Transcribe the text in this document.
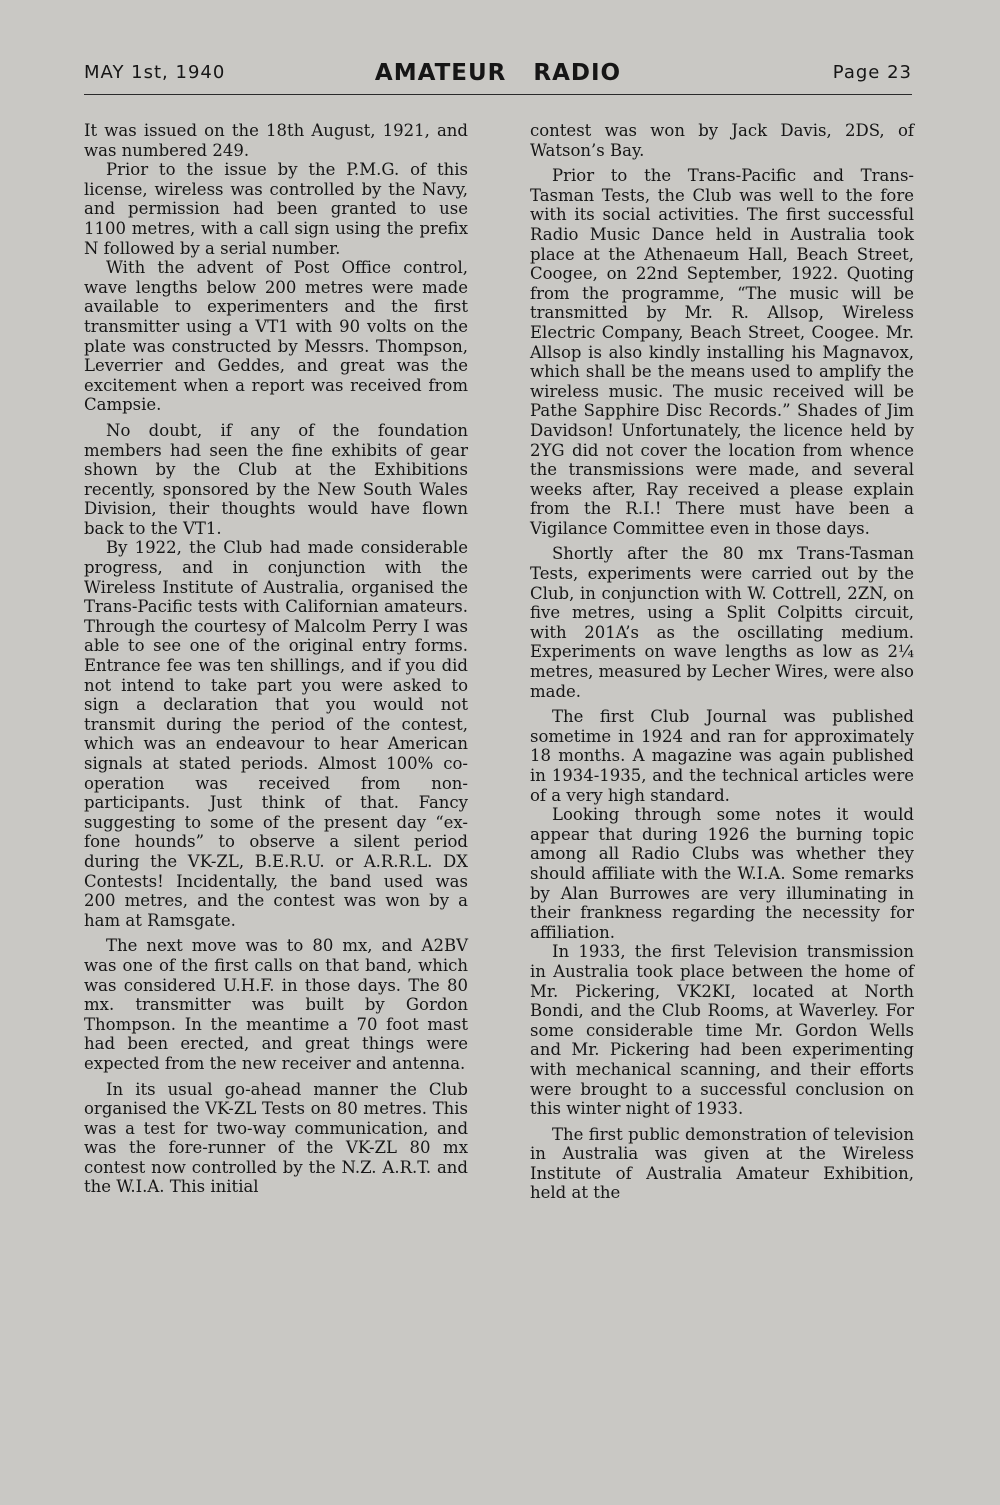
MAY 1st, 1940	AMATEUR RADIO	Page 23

It was issued on the 18th August, 1921, and was numbered 249.

Prior to the issue by the P.M.G. of this license, wireless was controlled by the Navy, and permission had been granted to use 1100 metres, with a call sign using the prefix N followed by a serial number.

With the advent of Post Office control, wave lengths below 200 metres were made available to experimenters and the first transmitter using a VT1 with 90 volts on the plate was constructed by Messrs. Thompson, Leverrier and Geddes, and great was the excitement when a report was received from Campsie.

No doubt, if any of the foundation members had seen the fine exhibits of gear shown by the Club at the Exhibitions recently, sponsored by the New South Wales Division, their thoughts would have flown back to the VT1.

By 1922, the Club had made considerable progress, and in conjunction with the Wireless Institute of Australia, organised the Trans-Pacific tests with Californian amateurs. Through the courtesy of Malcolm Perry I was able to see one of the original entry forms. Entrance fee was ten shillings, and if you did not intend to take part you were asked to sign a declaration that you would not transmit during the period of the contest, which was an endeavour to hear American signals at stated periods. Almost 100% co-operation was received from non-participants. Just think of that. Fancy suggesting to some of the present day “ex-fone hounds” to observe a silent period during the VK-ZL, B.E.R.U. or A.R.R.L. DX Contests! Incidentally, the band used was 200 metres, and the contest was won by a ham at Ramsgate.

The next move was to 80 mx, and A2BV was one of the first calls on that band, which was considered U.H.F. in those days. The 80 mx. transmitter was built by Gordon Thompson. In the meantime a 70 foot mast had been erected, and great things were expected from the new receiver and antenna.

In its usual go-ahead manner the Club organised the VK-ZL Tests on 80 metres. This was a test for two-way communication, and was the fore-runner of the VK-ZL 80 mx contest now controlled by the N.Z. A.R.T. and the W.I.A. This initial

contest was won by Jack Davis, 2DS, of Watson’s Bay.

Prior to the Trans-Pacific and Trans-Tasman Tests, the Club was well to the fore with its social activities. The first successful Radio Music Dance held in Australia took place at the Athenaeum Hall, Beach Street, Coogee, on 22nd September, 1922. Quoting from the programme, “The music will be transmitted by Mr. R. Allsop, Wireless Electric Company, Beach Street, Coogee. Mr. Allsop is also kindly installing his Magnavox, which shall be the means used to amplify the wireless music. The music received will be Pathe Sapphire Disc Records.” Shades of Jim Davidson! Unfortunately, the licence held by 2YG did not cover the location from whence the transmissions were made, and several weeks after, Ray received a please explain from the R.I.! There must have been a Vigilance Committee even in those days.

Shortly after the 80 mx Trans-Tasman Tests, experiments were carried out by the Club, in conjunction with W. Cottrell, 2ZN, on five metres, using a Split Colpitts circuit, with 201A’s as the oscillating medium. Experiments on wave lengths as low as 2¼ metres, measured by Lecher Wires, were also made.

The first Club Journal was published sometime in 1924 and ran for approximately 18 months. A magazine was again published in 1934-1935, and the technical articles were of a very high standard.

Looking through some notes it would appear that during 1926 the burning topic among all Radio Clubs was whether they should affiliate with the W.I.A. Some remarks by Alan Burrowes are very illuminating in their frankness regarding the necessity for affiliation.

In 1933, the first Television transmission in Australia took place between the home of Mr. Pickering, VK2KI, located at North Bondi, and the Club Rooms, at Waverley. For some considerable time Mr. Gordon Wells and Mr. Pickering had been experimenting with mechanical scanning, and their efforts were brought to a successful conclusion on this winter night of 1933.

The first public demonstration of television in Australia was given at the Wireless Institute of Australia Amateur Exhibition, held at the
